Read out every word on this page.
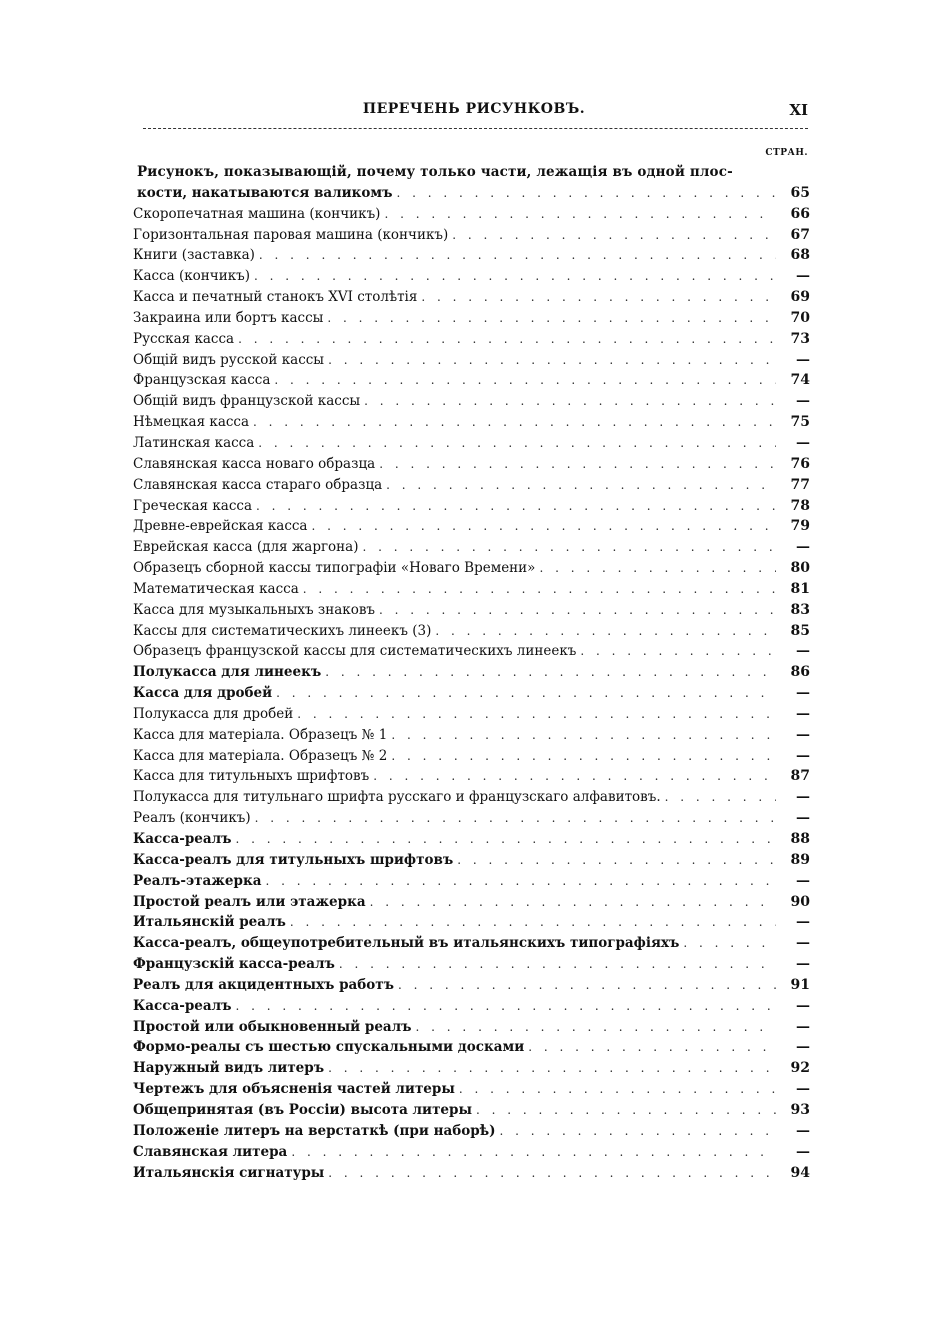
ПЕРЕЧЕНЬ РИСУНКОВЪ.	XI
СТРАН.
Рисунокъ, показывающій, почему только части, лежащія въ одной плос-
кости, накатываются валикомъ . . .	65
Скоропечатная машина (кончикъ) . . .	66
Горизонтальная паровая машина (кончикъ) . . .	67
Книги (заставка) . . .	68
Касса (кончикъ) . . .	—
Касса и печатный станокъ XVI столѣтія . . .	69
Закраина или бортъ кассы . . .	70
Русская касса . . .	73
Общій видъ русской кассы . . .	—
Французская касса . . .	74
Общій видъ французской кассы . . .	—
Нѣмецкая касса . . .	75
Латинская касса . . .	—
Славянская касса новаго образца . . .	76
Славянская касса стараго образца . . .	77
Греческая касса . . .	78
Древне-еврейская касса . . .	79
Еврейская касса (для жаргона) . . .	—
Образецъ сборной кассы типографіи «Новаго Времени» . . .	80
Математическая касса . . .	81
Касса для музыкальныхъ знаковъ . . .	83
Кассы для систематическихъ линеекъ (3) . . .	85
Образецъ французской кассы для систематическихъ линеекъ . . .	—
Полукасса для линеекъ . . .	86
Касса для дробей . . .	—
Полукасса для дробей . . .	—
Касса для матеріала. Образецъ № 1 . . .	—
Касса для матеріала. Образецъ № 2 . . .	—
Касса для титульныхъ шрифтовъ . . .	87
Полукасса для титульнаго шрифта русскаго и французскаго алфавитовъ. . . .	—
Реалъ (кончикъ) . . .	—
Касса-реалъ . . .	88
Касса-реалъ для титульныхъ шрифтовъ . . .	89
Реалъ-этажерка . . .	—
Простой реалъ или этажерка . . .	90
Итальянскій реалъ . . .	—
Касса-реалъ, общеупотребительный въ итальянскихъ типографіяхъ . . .	—
Французскій касса-реалъ . . .	—
Реалъ для акцидентныхъ работъ . . .	91
Касса-реалъ . . .	—
Простой или обыкновенный реалъ . . .	—
Формо-реалы съ шестью спускальными досками . . .	—
Наружный видъ литеръ . . .	92
Чертежъ для объясненія частей литеры . . .	—
Общепринятая (въ Россіи) высота литеры . . .	93
Положеніе литеръ на верстаткѣ (при наборѣ) . . .	—
Славянская литера . . .	—
Итальянскія сигнатуры . . .	94
